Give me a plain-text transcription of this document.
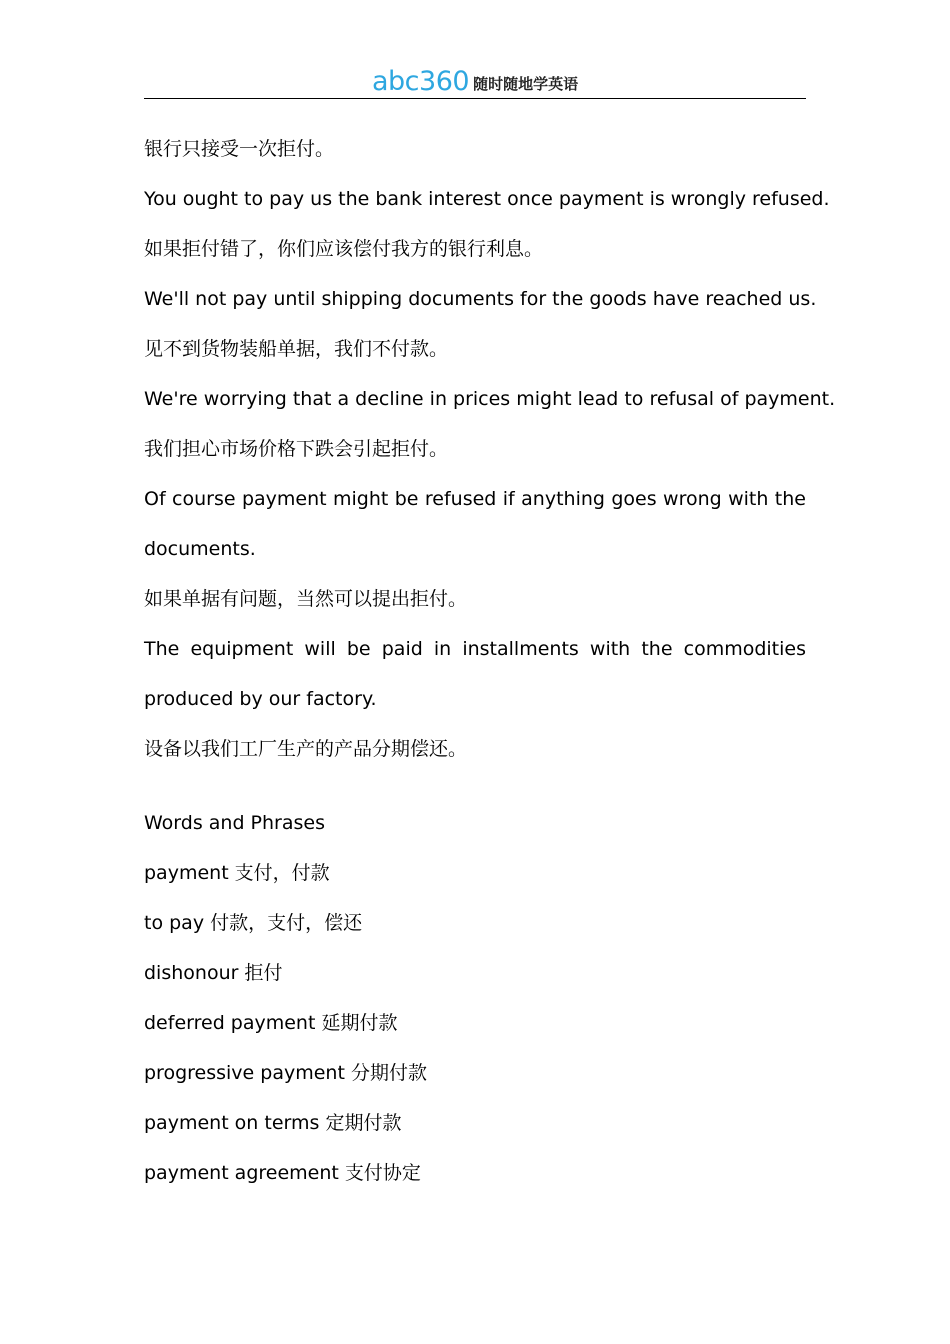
abc360 随时随地学英语
银行只接受一次拒付。
You ought to pay us the bank interest once payment is wrongly refused.
如果拒付错了，你们应该偿付我方的银行利息。
We'll not pay until shipping documents for the goods have reached us.
见不到货物装船单据，我们不付款。
We're worrying that a decline in prices might lead to refusal of payment.
我们担心市场价格下跌会引起拒付。
Of course payment might be refused if anything goes wrong with the
documents.
如果单据有问题，当然可以提出拒付。
The equipment will be paid in installments with the commodities
produced by our factory.
设备以我们工厂生产的产品分期偿还。
Words and Phrases
payment 支付，付款
to pay 付款，支付，偿还
dishonour 拒付
deferred payment 延期付款
progressive payment 分期付款
payment on terms 定期付款
payment agreement 支付协定
